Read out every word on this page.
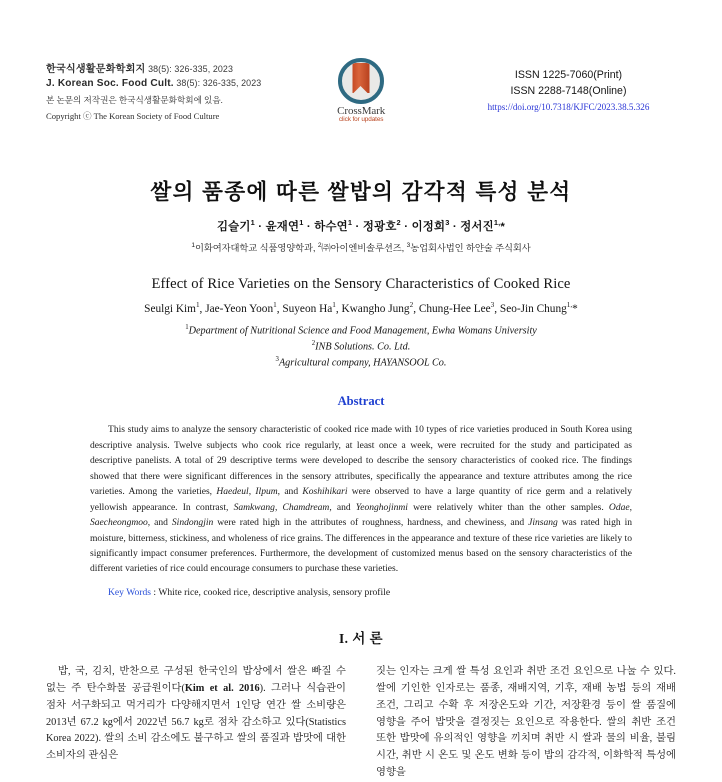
한국식생활문화학회지 38(5): 326-335, 2023
J. Korean Soc. Food Cult. 38(5): 326-335, 2023
본 논문의 저작권은 한국식생활문화학회에 있음.
Copyright ⓒ The Korean Society of Food Culture	CrossMark
click for updates
ISSN 1225-7060(Print)
ISSN 2288-7148(Online)
https://doi.org/10.7318/KJFC/2023.38.5.326
쌀의 품종에 따른 쌀밥의 감각적 특성 분석
김슬기$^1$ · 윤재연$^1$ · 하수연$^1$ · 정광호$^2$ · 이정희$^3$ · 정서진$^{1,}$*
$^1$이화여자대학교 식품영양학과, $^2$㈜아이엔비솔루션즈, $^3$농업회사법인 하얀술 주식회사
Effect of Rice Varieties on the Sensory Characteristics of Cooked Rice
Seulgi Kim$^1$, Jae-Yeon Yoon$^1$, Suyeon Ha$^1$, Kwangho Jung$^2$, Chung-Hee Lee$^3$, Seo-Jin Chung$^{1,}$*
$^1$Department of Nutritional Science and Food Management, Ewha Womans University
$^2$INB Solutions. Co. Ltd.
$^3$Agricultural company, HAYANSOOL Co.
Abstract
This study aims to analyze the sensory characteristic of cooked rice made with 10 types of rice varieties produced in South Korea using descriptive analysis. Twelve subjects who cook rice regularly, at least once a week, were recruited for the study and participated as descriptive panelists. A total of 29 descriptive terms were developed to describe the sensory characteristics of cooked rice. The findings showed that there were significant differences in the sensory attributes, specifically the appearance and texture attributes among the rice varieties. Among the varieties, Haedeul, Ilpum, and Koshihikari were observed to have a large quantity of rice germ and a relatively yellowish appearance. In contrast, Samkwang, Chamdream, and Yeonghojinmi were relatively whiter than the other samples. Odae, Saecheongmoo, and Sindongjin were rated high in the attributes of roughness, hardness, and chewiness, and Jinsang was rated high in moisture, bitterness, stickiness, and wholeness of rice grains. The differences in the appearance and texture of these rice varieties are likely to significantly impact consumer preferences. Furthermore, the development of customized menus based on the sensory characteristics of the different varieties of rice could encourage consumers to purchase these varieties.
Key Words : White rice, cooked rice, descriptive analysis, sensory profile
I. 서 론

밥, 국, 김치, 반찬으로 구성된 한국인의 밥상에서 쌀은 빠질 수 없는 주 탄수화물 공급원이다(Kim et al. 2016). 그러나 식습관이 점차 서구화되고 먹거리가 다양해지면서 1인당 연간 쌀 소비량은 2013년 67.2 kg에서 2022년 56.7 kg로 점차 감소하고 있다(Statistics Korea 2022). 쌀의 소비 감소에도 불구하고 쌀의 품질과 밥맛에 대한 소비자의 관심은

짓는 인자는 크게 쌀 특성 요인과 취반 조건 요인으로 나눌 수 있다. 쌀에 기인한 인자로는 품종, 재배지역, 기후, 재배 농법 등의 재배 조건, 그리고 수확 후 저장온도와 기간, 저장환경 등이 쌀 품질에 영향을 주어 밥맛을 결정짓는 요인으로 작용한다. 쌀의 취반 조건 또한 밥맛에 유의적인 영향을 끼치며 취반 시 쌀과 물의 비율, 불림 시간, 취반 시 온도 및 온도 변화 등이 밥의 감각적, 이화학적 특성에 영향을
